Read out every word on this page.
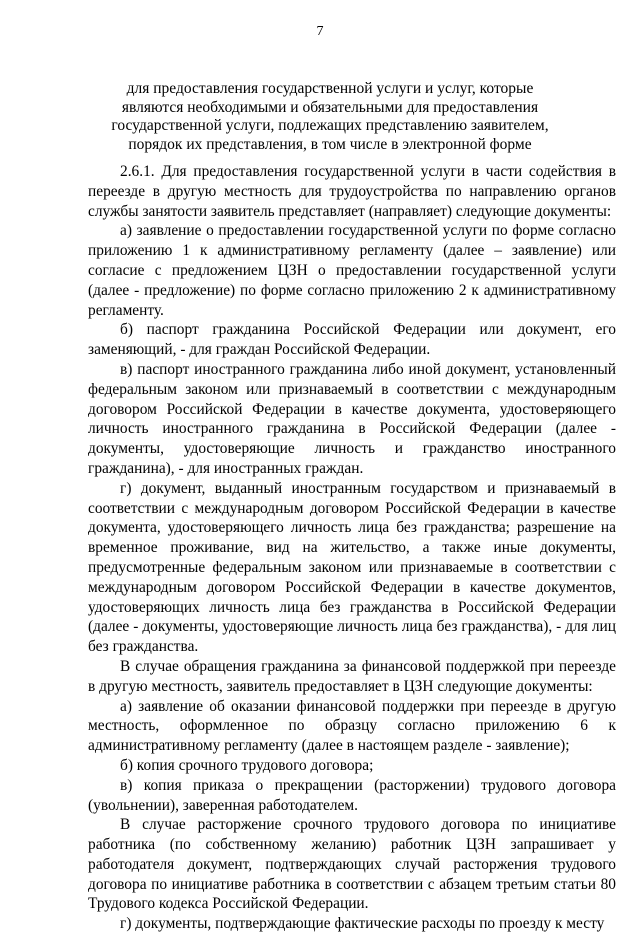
7
для предоставления государственной услуги и услуг, которые являются необходимыми и обязательными для предоставления государственной услуги, подлежащих представлению заявителем, порядок их представления, в том числе в электронной форме

2.6.1. Для предоставления государственной услуги в части содействия в переезде в другую местность для трудоустройства по направлению органов службы занятости заявитель представляет (направляет) следующие документы:

а) заявление о предоставлении государственной услуги по форме согласно приложению 1 к административному регламенту (далее – заявление) или согласие с предложением ЦЗН о предоставлении государственной услуги (далее - предложение) по форме согласно приложению 2 к административному регламенту.

б) паспорт гражданина Российской Федерации или документ, его заменяющий, - для граждан Российской Федерации.

в) паспорт иностранного гражданина либо иной документ, установленный федеральным законом или признаваемый в соответствии с международным договором Российской Федерации в качестве документа, удостоверяющего личность иностранного гражданина в Российской Федерации (далее - документы, удостоверяющие личность и гражданство иностранного гражданина), - для иностранных граждан.

г) документ, выданный иностранным государством и признаваемый в соответствии с международным договором Российской Федерации в качестве документа, удостоверяющего личность лица без гражданства; разрешение на временное проживание, вид на жительство, а также иные документы, предусмотренные федеральным законом или признаваемые в соответствии с международным договором Российской Федерации в качестве документов, удостоверяющих личность лица без гражданства в Российской Федерации (далее - документы, удостоверяющие личность лица без гражданства), - для лиц без гражданства.

В случае обращения гражданина за финансовой поддержкой при переезде в другую местность, заявитель предоставляет в ЦЗН следующие документы:

а) заявление об оказании финансовой поддержки при переезде в другую местность, оформленное по образцу согласно приложению 6 к административному регламенту (далее в настоящем разделе - заявление);

б) копия срочного трудового договора;

в) копия приказа о прекращении (расторжении) трудового договора (увольнении), заверенная работодателем.

В случае расторжение срочного трудового договора по инициативе работника (по собственному желанию) работник ЦЗН запрашивает у работодателя документ, подтверждающих случай расторжения трудового договора по инициативе работника в соответствии с абзацем третьим статьи 80 Трудового кодекса Российской Федерации.

г) документы, подтверждающие фактические расходы по проезду к месту
